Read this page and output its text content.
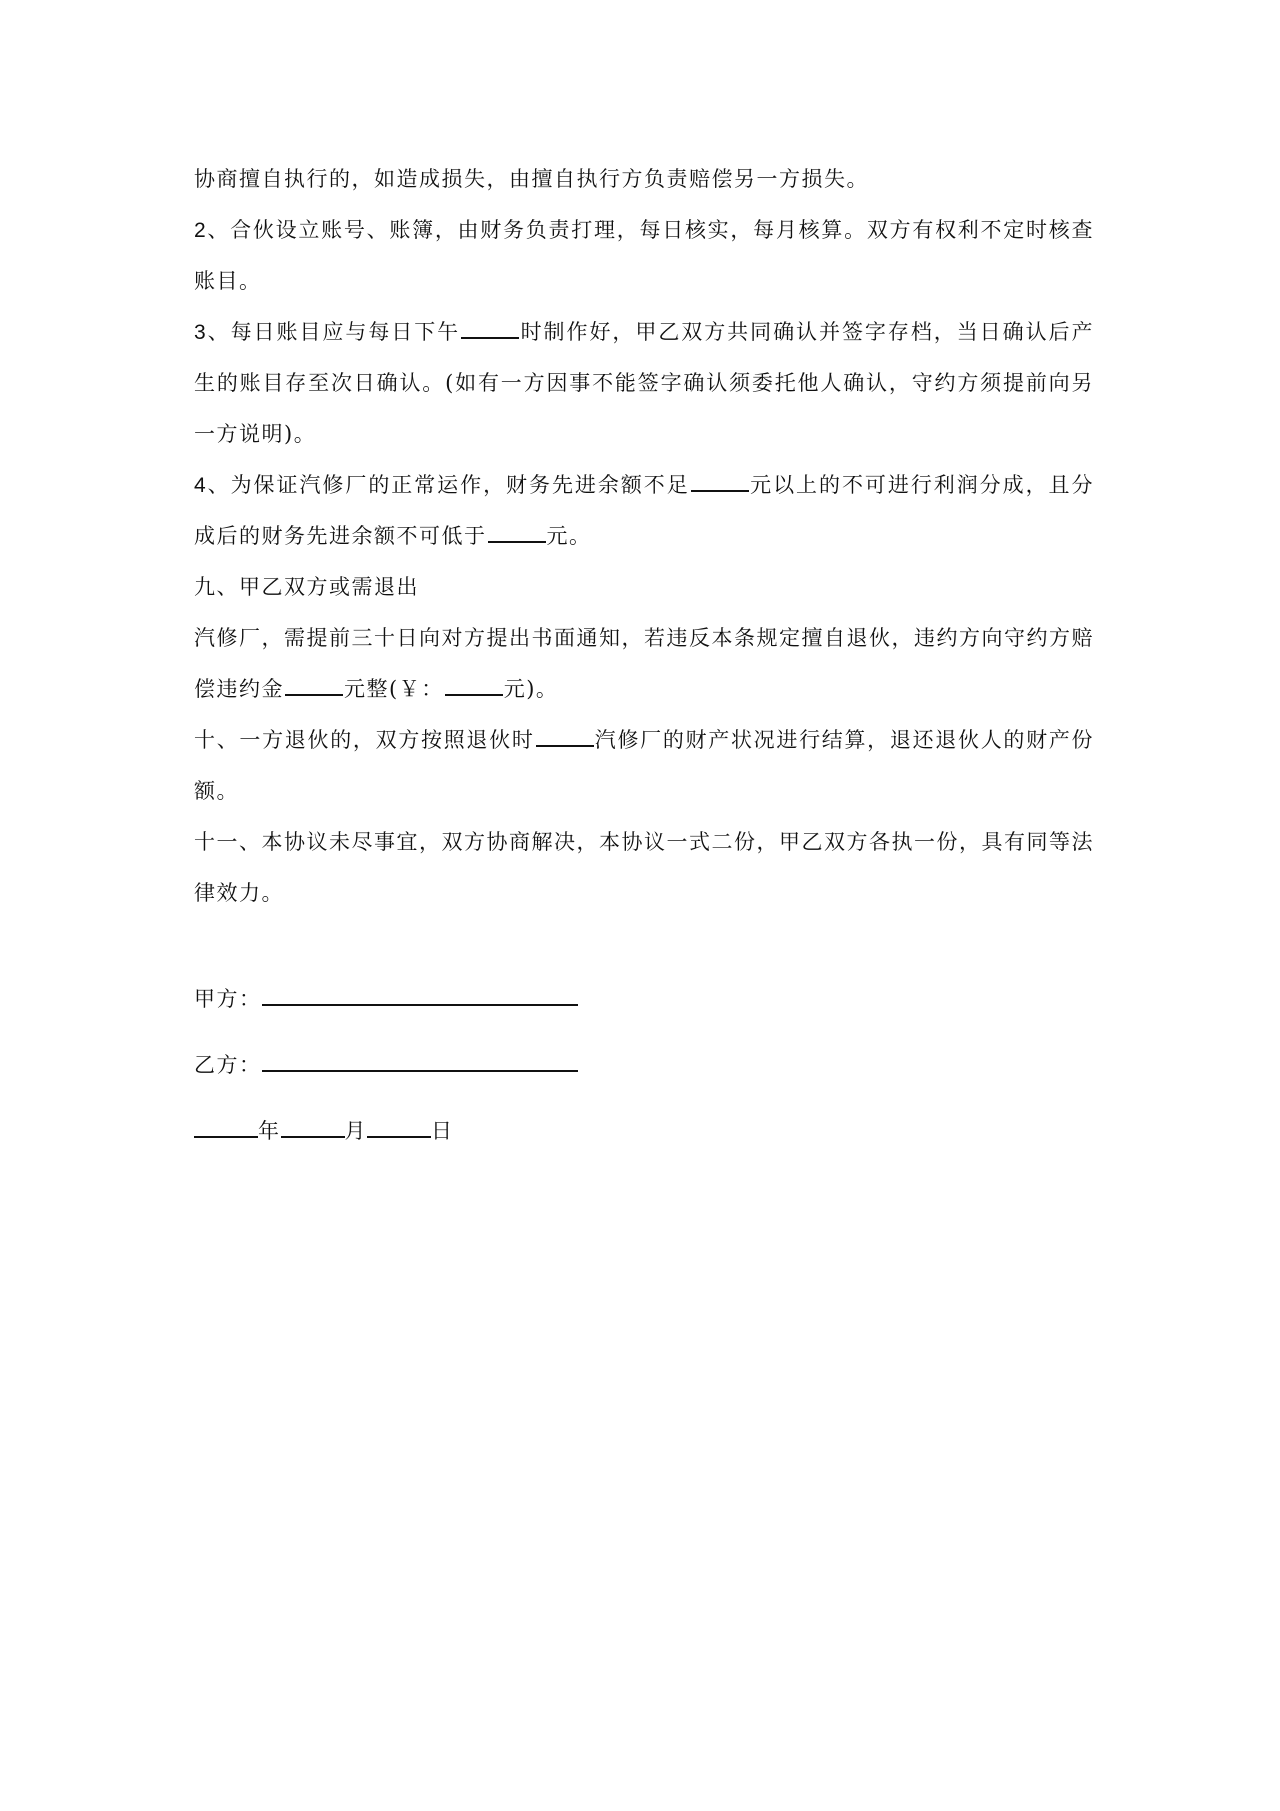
协商擅自执行的，如造成损失，由擅自执行方负责赔偿另一方损失。

2、合伙设立账号、账簿，由财务负责打理，每日核实，每月核算。双方有权利不定时核查账目。

3、每日账目应与每日下午	时制作好，甲乙双方共同确认并签字存档，当日确认后产生的账目存至次日确认。(如有一方因事不能签字确认须委托他人确认，守约方须提前向另一方说明)。

4、为保证汽修厂的正常运作，财务先进余额不足	元以上的不可进行利润分成，且分成后的财务先进余额不可低于	元。

九、甲乙双方或需退出

汽修厂，需提前三十日向对方提出书面通知，若违反本条规定擅自退伙，违约方向守约方赔偿违约金	元整(￥：	元)。

十、一方退伙的，双方按照退伙时	汽修厂的财产状况进行结算，退还退伙人的财产份额。

十一、本协议未尽事宜，双方协商解决，本协议一式二份，甲乙双方各执一份，具有同等法律效力。

甲方：
乙方：
年	月	日
